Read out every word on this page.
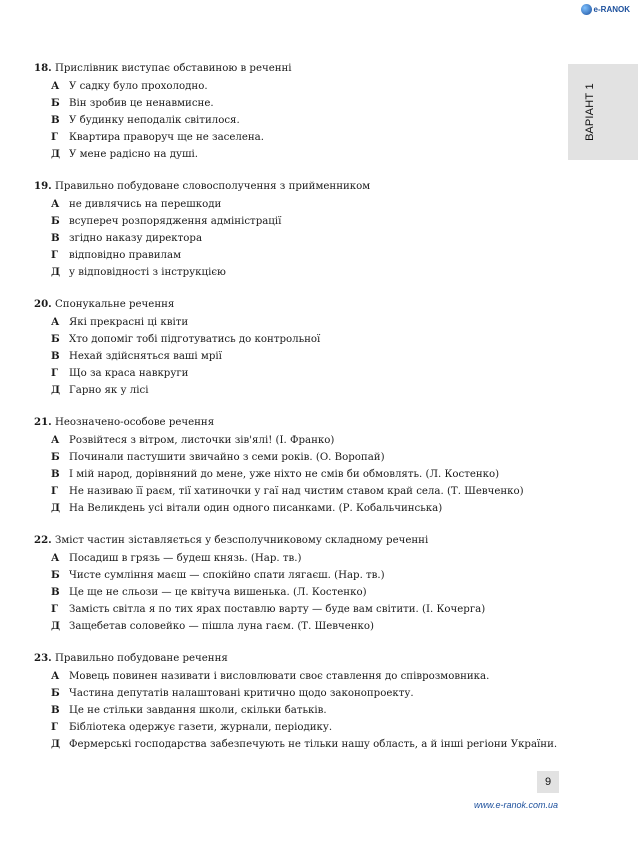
e-RANOK
ВАРІАНТ 1
18. Прислівник виступає обставиною в реченні
А У садку було прохолодно.
Б Він зробив це ненавмисне.
В У будинку неподалік світилося.
Г	Квартира праворуч ще не заселена.
Д У мене радісно на душі.
19. Правильно побудоване словосполучення з прийменником
А не дивлячись на перешкоди
Б всупереч розпорядження адміністрації
В згідно наказу директора
Г	відповідно правилам
Д у відповідності з інструкцією
20. Спонукальне речення
А Які прекрасні ці квіти
Б Хто допоміг тобі підготуватись до контрольної
В Нехай здійсняться ваші мрії
Г	Що за краса навкруги
Д Гарно як у лісі
21. Неозначено-особове речення
А Розвійтеся з вітром, листочки зів'ялі! (І. Франко)
Б Починали пастушити звичайно з семи років. (О. Воропай)
В І мій народ, дорівняний до мене, уже ніхто не смів би обмовлять. (Л. Костенко)
Г	Не називаю її раєм, тії хатиночки у гаї над чистим ставом край села. (Т. Шевченко)
Д На Великдень усі вітали один одного писанками. (Р. Кобальчинська)
22. Зміст частин зіставляється у безсполучниковому складному реченні
А Посадиш в грязь — будеш князь. (Нар. тв.)
Б Чисте сумління маєш — спокійно спати лягаєш. (Нар. тв.)
В Це ще не сльози — це квітуча вишенька. (Л. Костенко)
Г	Замість світла я по тих ярах поставлю варту — буде вам світити. (І. Кочерга)
Д Защебетав соловейко — пішла луна гаєм. (Т. Шевченко)
23. Правильно побудоване речення
А Мовець повинен називати і висловлювати своє ставлення до співрозмовника.
Б Частина депутатів налаштовані критично щодо законопроекту.
В Це не стільки завдання школи, скільки батьків.
Г	Бібліотека одержує газети, журнали, періодику.
Д Фермерські господарства забезпечують не тільки нашу область, а й інші регіони України.
9
www.e-ranok.com.ua
